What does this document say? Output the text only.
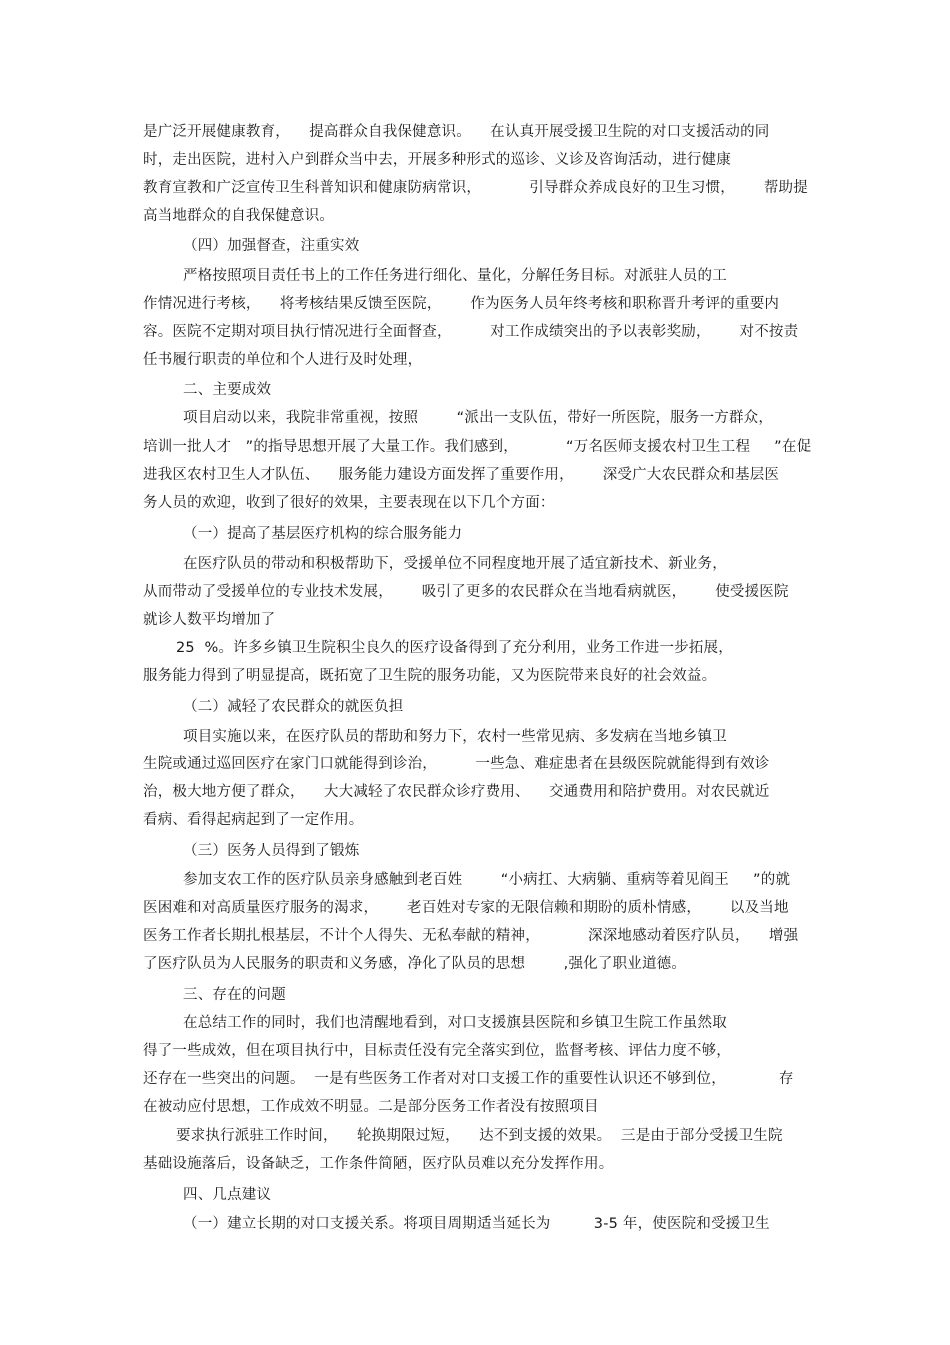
是广泛开展健康教育，    提高群众自我保健意识。    在认真开展受援卫生院的对口支援活动的同
时，走出医院，进村入户到群众当中去，开展多种形式的巡诊、义诊及咨询活动，进行健康
教育宣教和广泛宣传卫生科普知识和健康防病常识，          引导群众养成良好的卫生习惯，      帮助提
高当地群众的自我保健意识。
（四）加强督查，注重实效
严格按照项目责任书上的工作任务进行细化、量化，分解任务目标。对派驻人员的工
作情况进行考核，    将考核结果反馈至医院，      作为医务人员年终考核和职称晋升考评的重要内
容。医院不定期对项目执行情况进行全面督查，        对工作成绩突出的予以表彰奖励，      对不按责
任书履行职责的单位和个人进行及时处理，
二、主要成效
项目启动以来，我院非常重视，按照        “派出一支队伍，带好一所医院，服务一方群众，
培训一批人才   ”的指导思想开展了大量工作。我们感到，          “万名医师支援农村卫生工程     ”在促
进我区农村卫生人才队伍、    服务能力建设方面发挥了重要作用，      深受广大农民群众和基层医
务人员的欢迎，收到了很好的效果，主要表现在以下几个方面：
（一）提高了基层医疗机构的综合服务能力
在医疗队员的带动和积极帮助下，受援单位不同程度地开展了适宜新技术、新业务，
从而带动了受援单位的专业技术发展，      吸引了更多的农民群众在当地看病就医，      使受援医院
就诊人数平均增加了
25  %。许多乡镇卫生院积尘良久的医疗设备得到了充分利用，业务工作进一步拓展，
服务能力得到了明显提高，既拓宽了卫生院的服务功能，又为医院带来良好的社会效益。
（二）减轻了农民群众的就医负担
项目实施以来，在医疗队员的帮助和努力下，农村一些常见病、多发病在当地乡镇卫
生院或通过巡回医疗在家门口就能得到诊治，        一些急、难症患者在县级医院就能得到有效诊
治，极大地方便了群众，    大大减轻了农民群众诊疗费用、    交通费用和陪护费用。对农民就近
看病、看得起病起到了一定作用。
（三）医务人员得到了锻炼
参加支农工作的医疗队员亲身感触到老百姓        “小病扛、大病躺、重病等着见阎王     ”的就
医困难和对高质量医疗服务的渴求，      老百姓对专家的无限信赖和期盼的质朴情感，      以及当地
医务工作者长期扎根基层，不计个人得失、无私奉献的精神，          深深地感动着医疗队员，    增强
了医疗队员为人民服务的职责和义务感，净化了队员的思想        ,强化了职业道德。
三、存在的问题
在总结工作的同时，我们也清醒地看到，对口支援旗县医院和乡镇卫生院工作虽然取
得了一些成效，但在项目执行中，目标责任没有完全落实到位，监督考核、评估力度不够，
还存在一些突出的问题。  一是有些医务工作者对对口支援工作的重要性认识还不够到位，           存
在被动应付思想，工作成效不明显。二是部分医务工作者没有按照项目
要求执行派驻工作时间，    轮换期限过短，    达不到支援的效果。  三是由于部分受援卫生院
基础设施落后，设备缺乏，工作条件简陋，医疗队员难以充分发挥作用。
四、几点建议
（一）建立长期的对口支援关系。将项目周期适当延长为         3-5 年，使医院和受援卫生
